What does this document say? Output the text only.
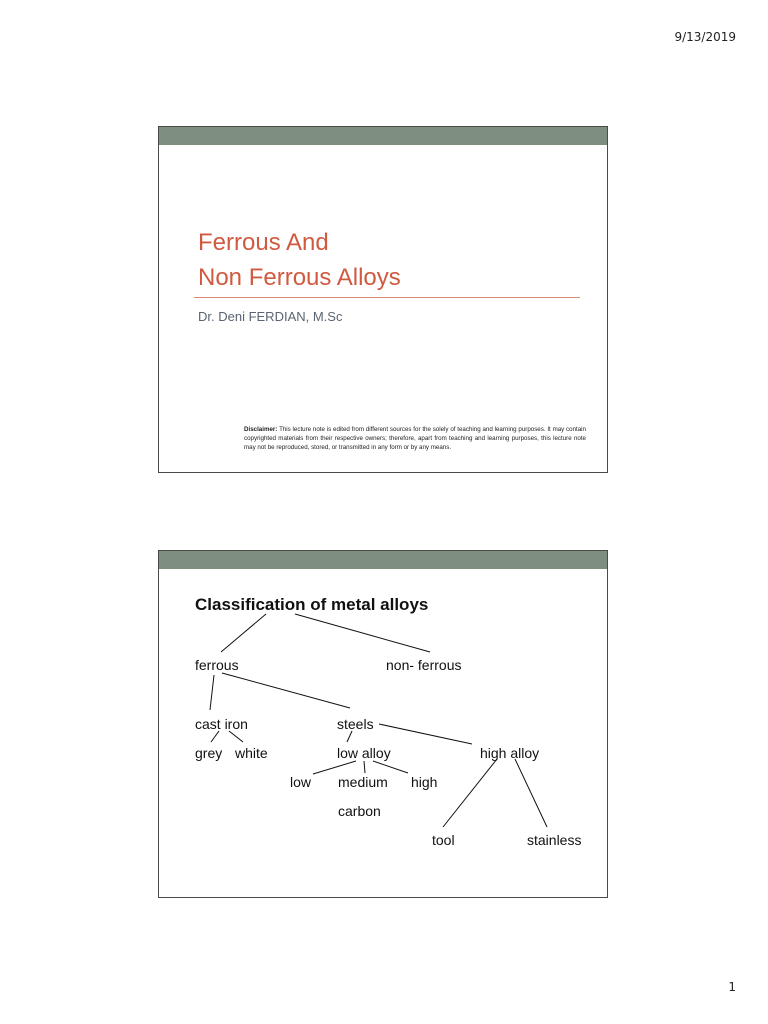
9/13/2019
Ferrous And
Non Ferrous Alloys
Dr. Deni FERDIAN, M.Sc
Disclaimer: This lecture note is edited from different sources for the solely of teaching and learning purposes. It may contain copyrighted materials from their respective owners; therefore, apart from teaching and learning purposes, this lecture note may not be reproduced, stored, or transmitted in any form or by any means.
Classification of metal alloys
ferrous	non- ferrous
cast iron	steels
grey white	low alloy	high alloy
low medium high
carbon
tool	stainless
1
